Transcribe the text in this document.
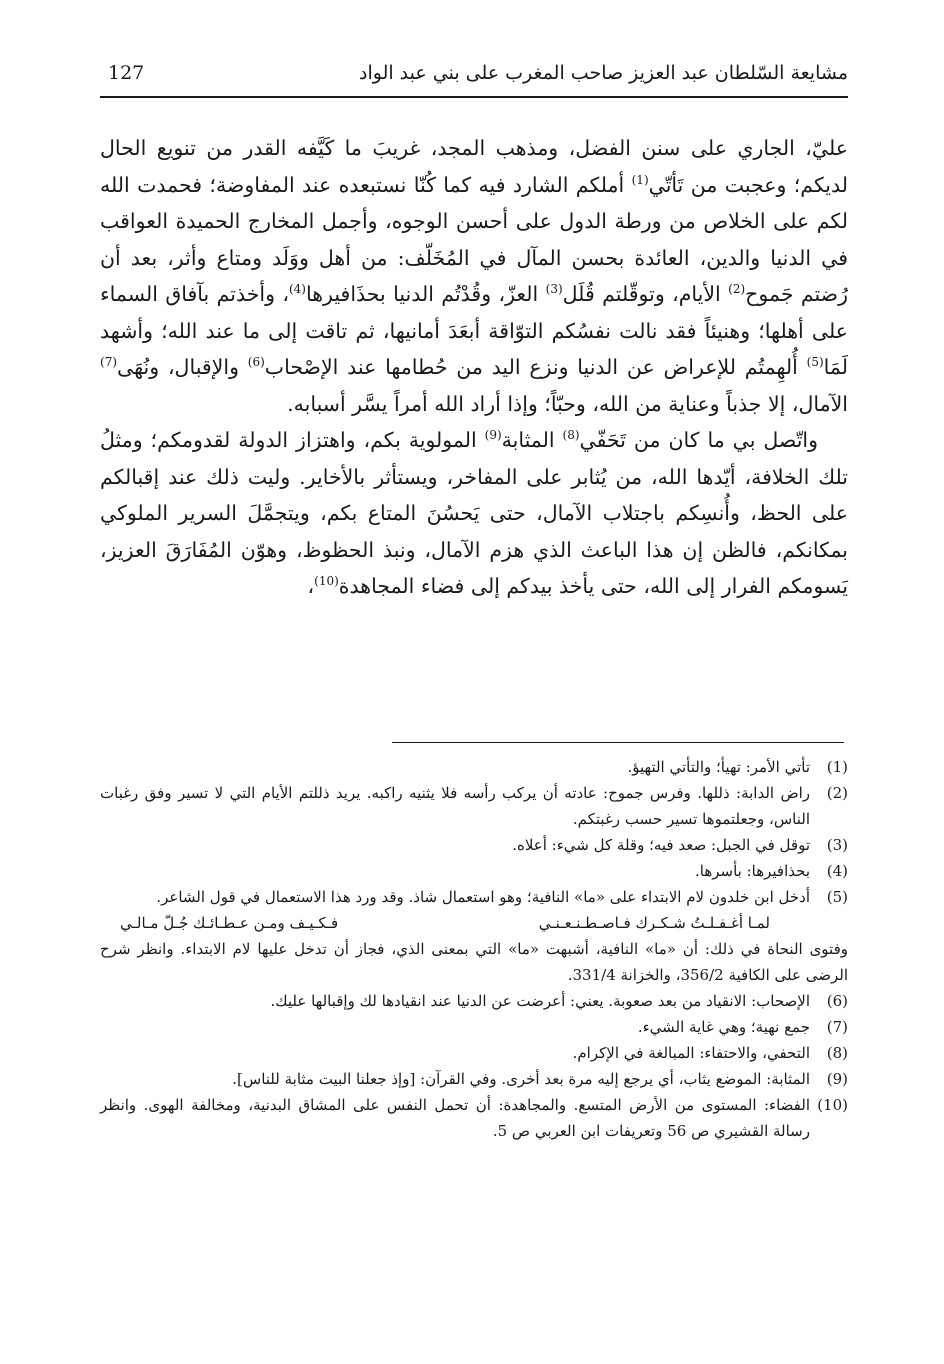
مشايعة السّلطان عبد العزيز صاحب المغرب على بني عبد الواد
127

عليّ، الجاري على سنن الفضل، ومذهب المجد، غريبَ ما كَيَّفه القدر من تنويع الحال لديكم؛ وعجبت من تَأتّي$^{(1)}$ أملكم الشارد فيه كما كُنّا نستبعده عند المفاوضة؛ فحمدت الله لكم على الخلاص من ورطة الدول على أحسن الوجوه، وأجمل المخارج الحميدة العواقب في الدنيا والدين، العائدة بحسن المآل في المُخَلّف: من أهل ووَلَد ومتاع وأثر، بعد أن رُضتم جَموح$^{(2)}$ الأيام، وتوقّلتم قُلَل$^{(3)}$ العزّ، وقُدْتُم الدنيا بحذَافيرها$^{(4)}$، وأخذتم بآفاق السماء على أهلها؛ وهنيئاً فقد نالت نفسُكم التوّاقة أبعَدَ أمانيها، ثم تاقت إلى ما عند الله؛ وأشهد لَمَا$^{(5)}$ أُلهِمتُم للإعراض عن الدنيا ونزع اليد من حُطامها عند الإصْحاب$^{(6)}$ والإقبال، ونُهَى$^{(7)}$ الآمال، إلا جذباً وعناية من الله، وحبّاً؛ وإذا أراد الله أمراً يسَّر أسبابه.

واتّصل بي ما كان من تَحَفّي$^{(8)}$ المثابة$^{(9)}$ المولوية بكم، واهتزاز الدولة لقدومكم؛ ومثلُ تلك الخلافة، أيّدها الله، من يُثابر على المفاخر، ويستأثر بالأخاير. وليت ذلك عند إقبالكم على الحظ، وأُنسِكم باجتلاب الآمال، حتى يَحسُنَ المتاع بكم، ويتجمَّلَ السرير الملوكي بمكانكم، فالظن إن هذا الباعث الذي هزم الآمال، ونبذ الحظوظ، وهوّن المُفَارَقَ العزيز، يَسومكم الفرار إلى الله، حتى يأخذ بيدكم إلى فضاء المجاهدة$^{(10)}$،

(1)
تأتي الأمر: تهيأ؛ والتأتي التهيؤ.
(2)
راض الدابة: ذللها. وفرس جموح: عادته أن يركب رأسه فلا يثنيه راكبه. يريد ذللتم الأيام التي لا تسير وفق رغبات الناس، وجعلتموها تسير حسب رغبتكم.
(3)
توقل في الجبل: صعد فيه؛ وقلة كل شيء: أعلاه.
(4)
بحذافيرها: بأسرها.
(5)
أدخل ابن خلدون لام الابتداء على «ما» النافية؛ وهو استعمال شاذ. وقد ورد هذا الاستعمال في قول الشاعر.
لمـا أغـفـلـتُ شـكـرك فـاصـطـنـعـنـي
فـكـيـف ومـن عـطـائـك جُـلّ مـالـي
وفتوى النحاة في ذلك: أن «ما» النافية، أشبهت «ما» التي بمعنى الذي، فجاز أن تدخل عليها لام الابتداء. وانظر شرح الرضى على الكافية 356/2، والخزانة 331/4.
(6)
الإصحاب: الانقياد من بعد صعوبة. يعني: أعرضت عن الدنيا عند انقيادها لك وإقبالها عليك.
(7)
جمع نهية؛ وهي غاية الشيء.
(8)
التحفي، والاحتفاء: المبالغة في الإكرام.
(9)
المثابة: الموضع يثاب، أي يرجع إليه مرة بعد أخرى. وفي القرآن: [وإذ جعلنا البيت مثابة للناس].
(10)
الفضاء: المستوى من الأرض المتسع. والمجاهدة: أن تحمل النفس على المشاق البدنية، ومخالفة الهوى. وانظر رسالة القشيري ص 56 وتعريفات ابن العربي ص 5.
